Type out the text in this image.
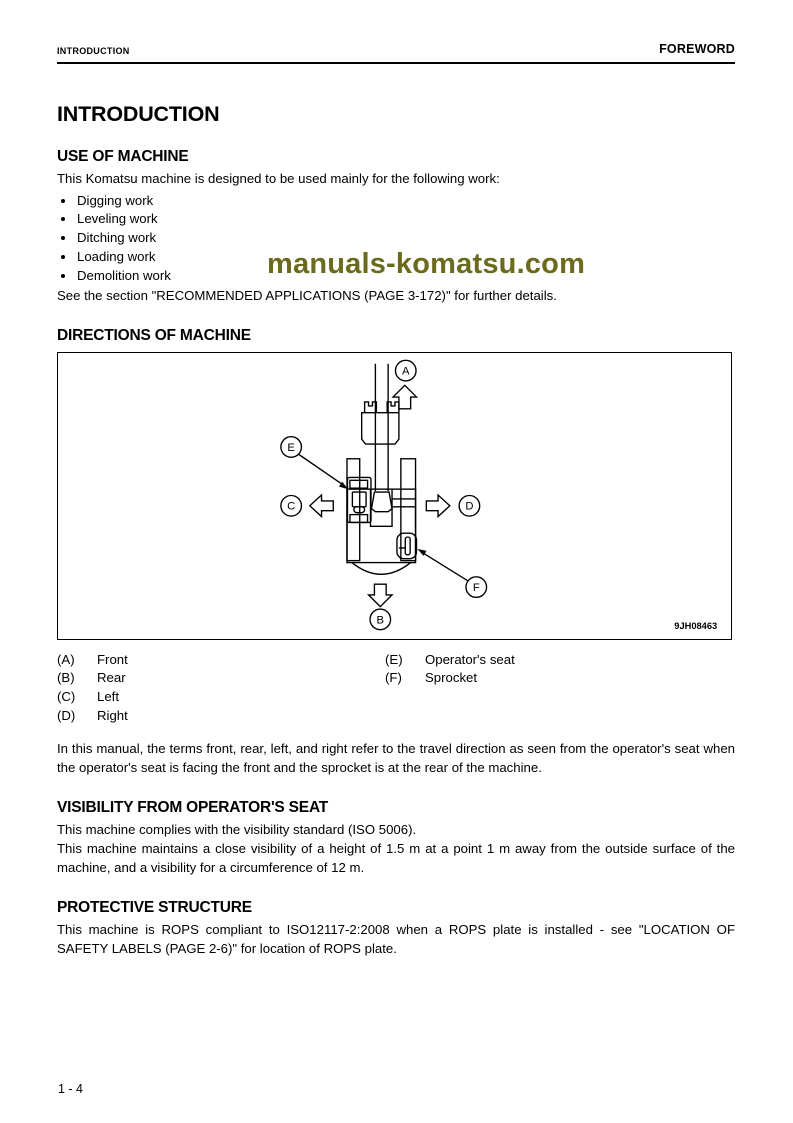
manuals-komatsu.com
INTRODUCTION	FOREWORD
INTRODUCTION
USE OF MACHINE

This Komatsu machine is designed to be used mainly for the following work:

• Digging work
• Leveling work
• Ditching work
• Loading work
• Demolition work

See the section "RECOMMENDED APPLICATIONS (PAGE 3-172)" for further details.

DIRECTIONS OF MACHINE
A
B
C	D
E
F
9JH08463
(A)	Front
(B)	Rear
(C)	Left
(D)	Right
(E)	Operator's seat
(F)	Sprocket

In this manual, the terms front, rear, left, and right refer to the travel direction as seen from the operator's seat when the operator's seat is facing the front and the sprocket is at the rear of the machine.

VISIBILITY FROM OPERATOR'S SEAT

This machine complies with the visibility standard (ISO 5006).

This machine maintains a close visibility of a height of 1.5 m at a point 1 m away from the outside surface of the machine, and a visibility for a circumference of 12 m.

PROTECTIVE STRUCTURE

This machine is ROPS compliant to ISO12117-2:2008 when a ROPS plate is installed - see "LOCATION OF SAFETY LABELS (PAGE 2-6)" for location of ROPS plate.

1 - 4
